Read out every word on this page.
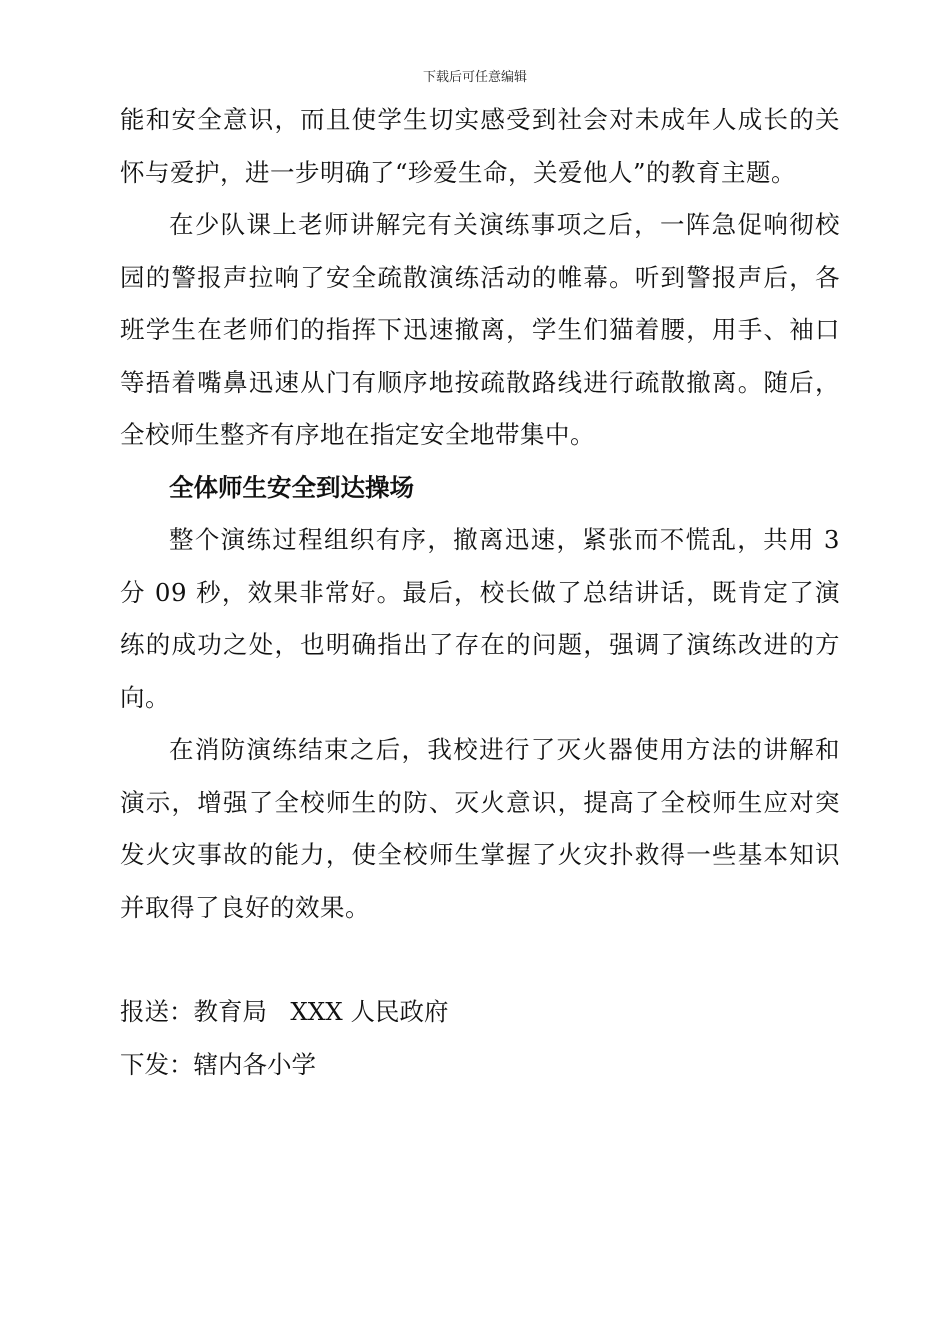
下载后可任意编辑

能和安全意识，而且使学生切实感受到社会对未成年人成长的关怀与爱护，进一步明确了“珍爱生命，关爱他人”的教育主题。

在少队课上老师讲解完有关演练事项之后，一阵急促响彻校园的警报声拉响了安全疏散演练活动的帷幕。听到警报声后，各班学生在老师们的指挥下迅速撤离，学生们猫着腰，用手、袖口等捂着嘴鼻迅速从门有顺序地按疏散路线进行疏散撤离。随后，全校师生整齐有序地在指定安全地带集中。

全体师生安全到达操场

整个演练过程组织有序，撤离迅速，紧张而不慌乱，共用 3 分 09 秒，效果非常好。最后，校长做了总结讲话，既肯定了演练的成功之处，也明确指出了存在的问题，强调了演练改进的方向。

在消防演练结束之后，我校进行了灭火器使用方法的讲解和演示，增强了全校师生的防、灭火意识，提高了全校师生应对突发火灾事故的能力，使全校师生掌握了火灾扑救得一些基本知识并取得了良好的效果。

报送：教育局   XXX 人民政府

下发：辖内各小学
